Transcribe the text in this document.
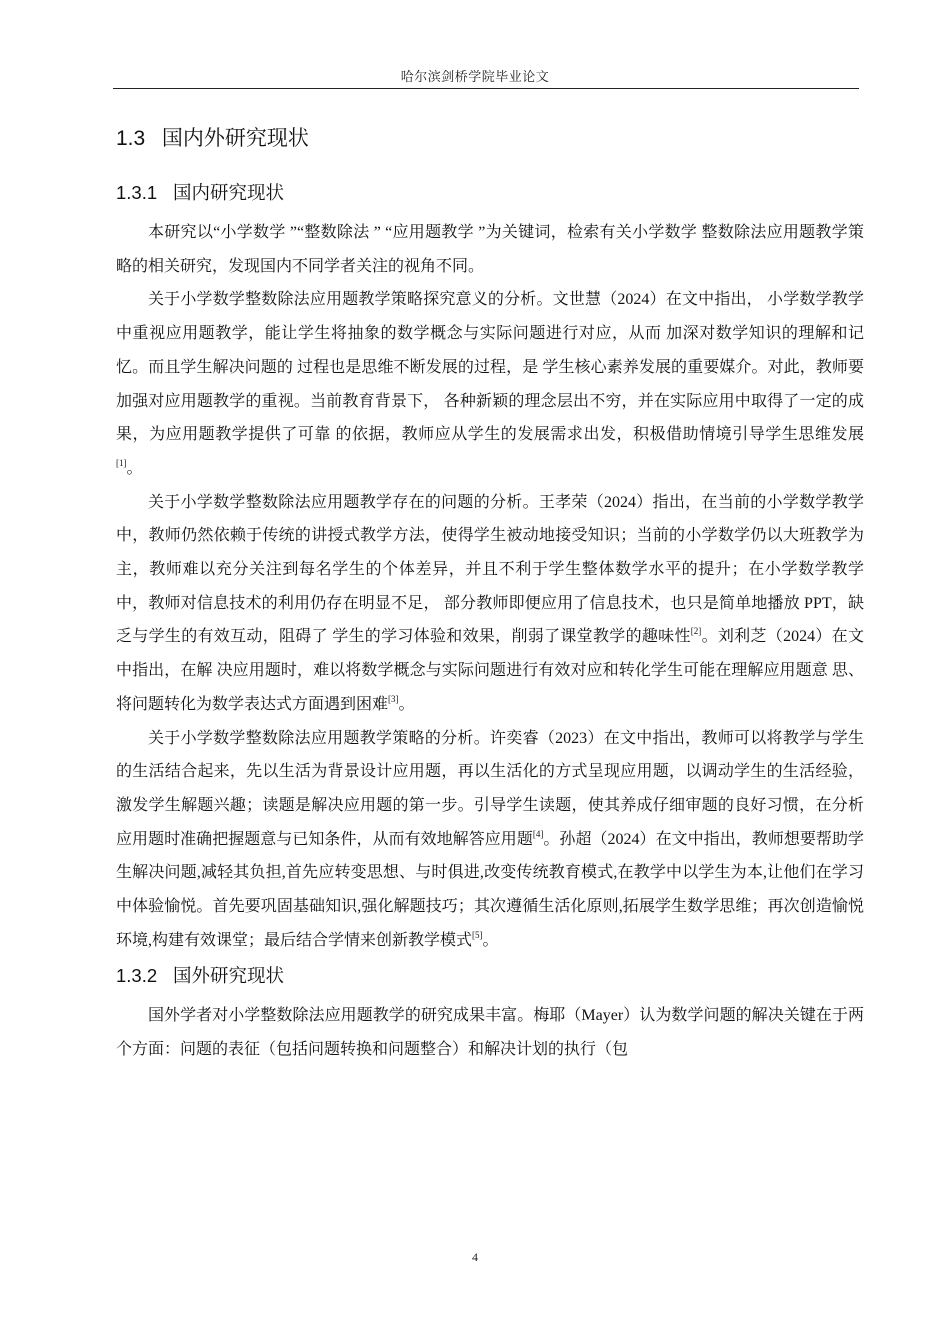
哈尔滨剑桥学院毕业论文
1.3 国内外研究现状
1.3.1 国内研究现状

本研究以“小学数学 ”“整数除法 ” “应用题教学 ”为关键词，检索有关小学数学 整数除法应用题教学策略的相关研究，发现国内不同学者关注的视角不同。

关于小学数学整数除法应用题教学策略探究意义的分析。文世慧（2024）在文中指出， 小学数学教学中重视应用题教学，能让学生将抽象的数学概念与实际问题进行对应，从而 加深对数学知识的理解和记忆。而且学生解决问题的 过程也是思维不断发展的过程，是 学生核心素养发展的重要媒介。对此，教师要加强对应用题教学的重视。当前教育背景下， 各种新颖的理念层出不穷，并在实际应用中取得了一定的成果，为应用题教学提供了可靠 的依据，教师应从学生的发展需求出发，积极借助情境引导学生思维发展[1]。

关于小学数学整数除法应用题教学存在的问题的分析。王孝荣（2024）指出，在当前的小学数学教学中，教师仍然依赖于传统的讲授式教学方法，使得学生被动地接受知识；当前的小学数学仍以大班教学为主，教师难以充分关注到每名学生的个体差异，并且不利于学生整体数学水平的提升；在小学数学教学中，教师对信息技术的利用仍存在明显不足， 部分教师即便应用了信息技术，也只是简单地播放 PPT，缺乏与学生的有效互动，阻碍了 学生的学习体验和效果，削弱了课堂教学的趣味性[2]。刘利芝（2024）在文中指出，在解 决应用题时，难以将数学概念与实际问题进行有效对应和转化学生可能在理解应用题意 思、将问题转化为数学表达式方面遇到困难[3]。

关于小学数学整数除法应用题教学策略的分析。许奕睿（2023）在文中指出，教师可以将教学与学生的生活结合起来，先以生活为背景设计应用题，再以生活化的方式呈现应用题，以调动学生的生活经验，激发学生解题兴趣；读题是解决应用题的第一步。引导学生读题，使其养成仔细审题的良好习惯，在分析应用题时准确把握题意与已知条件，从而有效地解答应用题[4]。孙超（2024）在文中指出，教师想要帮助学生解决问题,减轻其负担,首先应转变思想、与时俱进,改变传统教育模式,在教学中以学生为本,让他们在学习中体验愉悦。首先要巩固基础知识,强化解题技巧；其次遵循生活化原则,拓展学生数学思维；再次创造愉悦环境,构建有效课堂；最后结合学情来创新教学模式[5]。

1.3.2 国外研究现状

国外学者对小学整数除法应用题教学的研究成果丰富。梅耶（Mayer）认为数学问题的解决关键在于两个方面：问题的表征（包括问题转换和问题整合）和解决计划的执行（包

4
